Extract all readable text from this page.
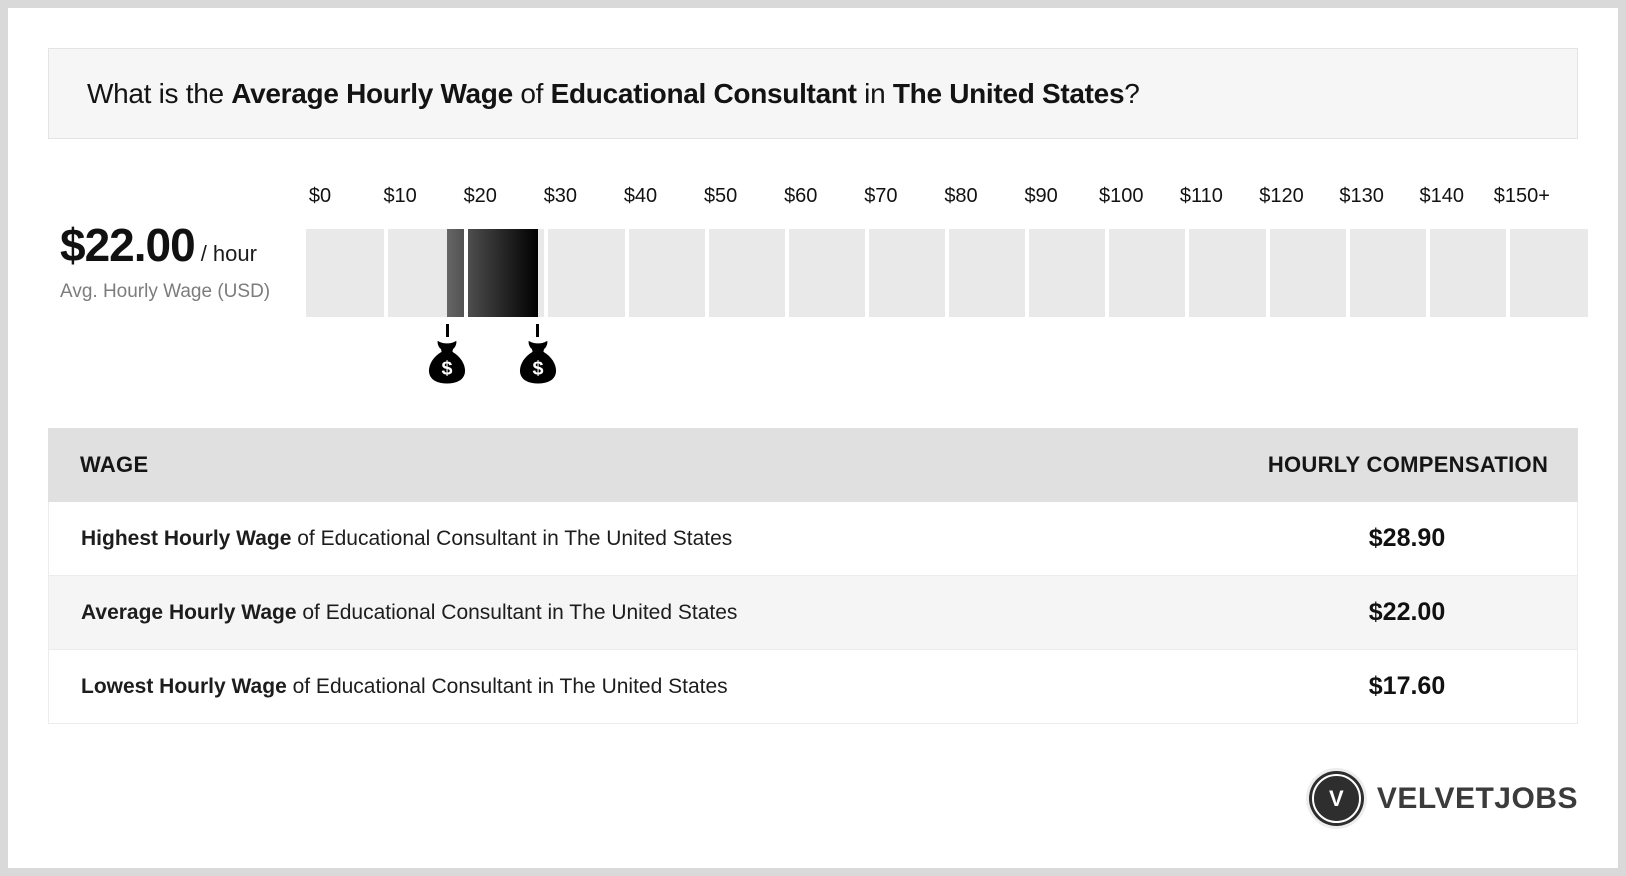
What is the Average Hourly Wage of Educational Consultant in The United States?
$22.00 / hour
Avg. Hourly Wage (USD)
$0	$10 $20 $30 $40 $50 $60 $70 $80 $90 $100 $110 $120 $130 $140 $150+
$	$
WAGE	HOURLY COMPENSATION
Highest Hourly Wage of Educational Consultant in The United States	$28.90
Average Hourly Wage of Educational Consultant in The United States	$22.00
Lowest Hourly Wage of Educational Consultant in The United States	$17.60
V VELVETJOBS
